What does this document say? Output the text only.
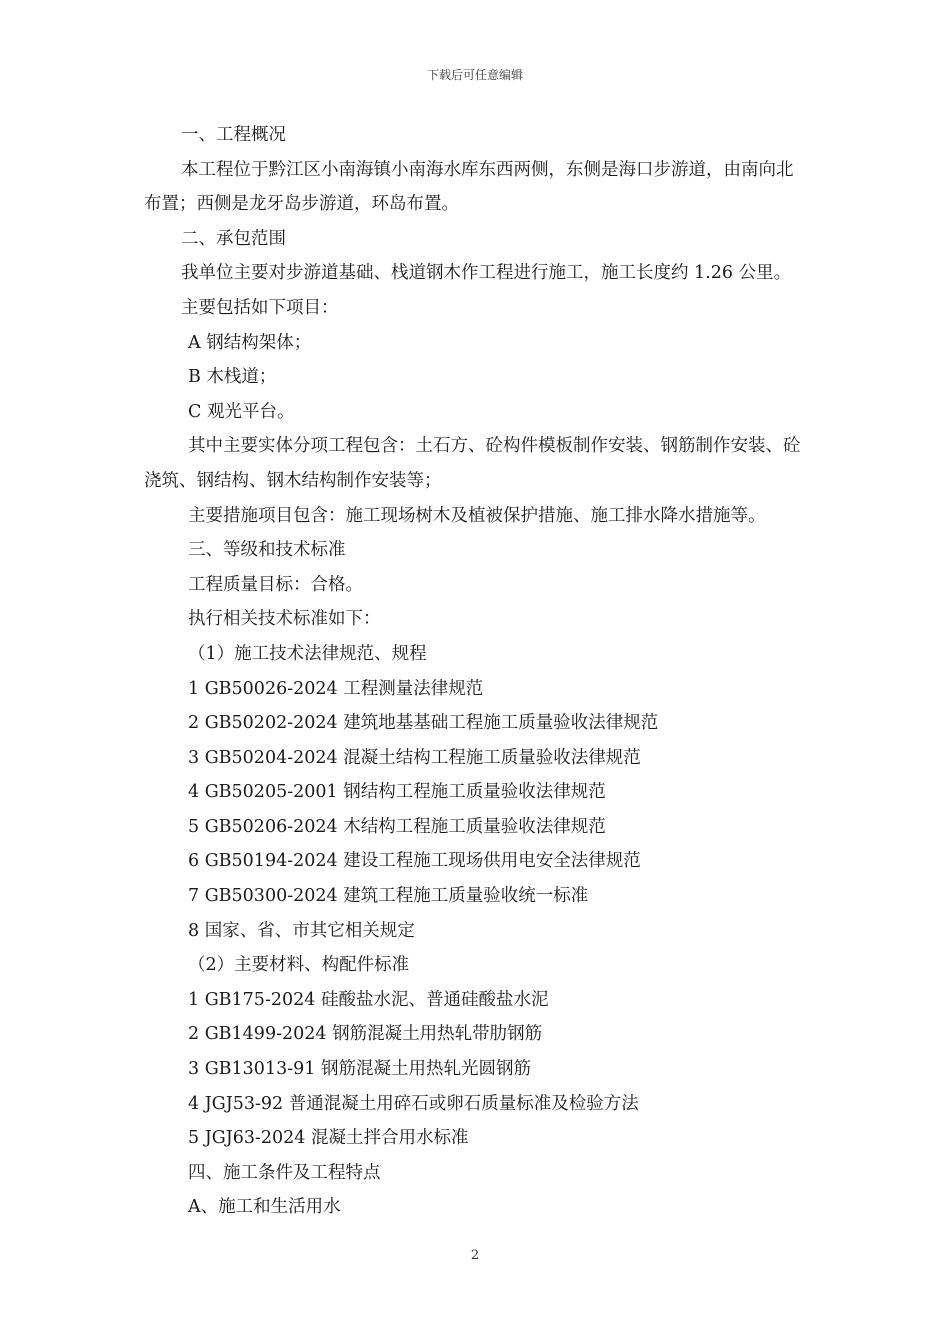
下载后可任意编辑
一、工程概况
本工程位于黔江区小南海镇小南海水库东西两侧，东侧是海口步游道，由南向北
布置；西侧是龙牙岛步游道，环岛布置。
二、承包范围
我单位主要对步游道基础、栈道钢木作工程进行施工，施工长度约 1.26 公里。
主要包括如下项目：
A 钢结构架体；
B 木栈道；
C 观光平台。
其中主要实体分项工程包含：土石方、砼构件模板制作安装、钢筋制作安装、砼
浇筑、钢结构、钢木结构制作安装等；
主要措施项目包含：施工现场树木及植被保护措施、施工排水降水措施等。
三、等级和技术标准
工程质量目标：合格。
执行相关技术标准如下：
（1）施工技术法律规范、规程
1 GB50026-2024 工程测量法律规范
2 GB50202-2024 建筑地基基础工程施工质量验收法律规范
3 GB50204-2024 混凝土结构工程施工质量验收法律规范
4 GB50205-2001 钢结构工程施工质量验收法律规范
5 GB50206-2024 木结构工程施工质量验收法律规范
6 GB50194-2024 建设工程施工现场供用电安全法律规范
7 GB50300-2024 建筑工程施工质量验收统一标准
8 国家、省、市其它相关规定
（2）主要材料、构配件标准
1 GB175-2024 硅酸盐水泥、普通硅酸盐水泥
2 GB1499-2024 钢筋混凝土用热轧带肋钢筋
3 GB13013-91 钢筋混凝土用热轧光圆钢筋
4 JGJ53-92 普通混凝土用碎石或卵石质量标准及检验方法
5 JGJ63-2024 混凝土拌合用水标准
四、施工条件及工程特点
A、施工和生活用水
2
